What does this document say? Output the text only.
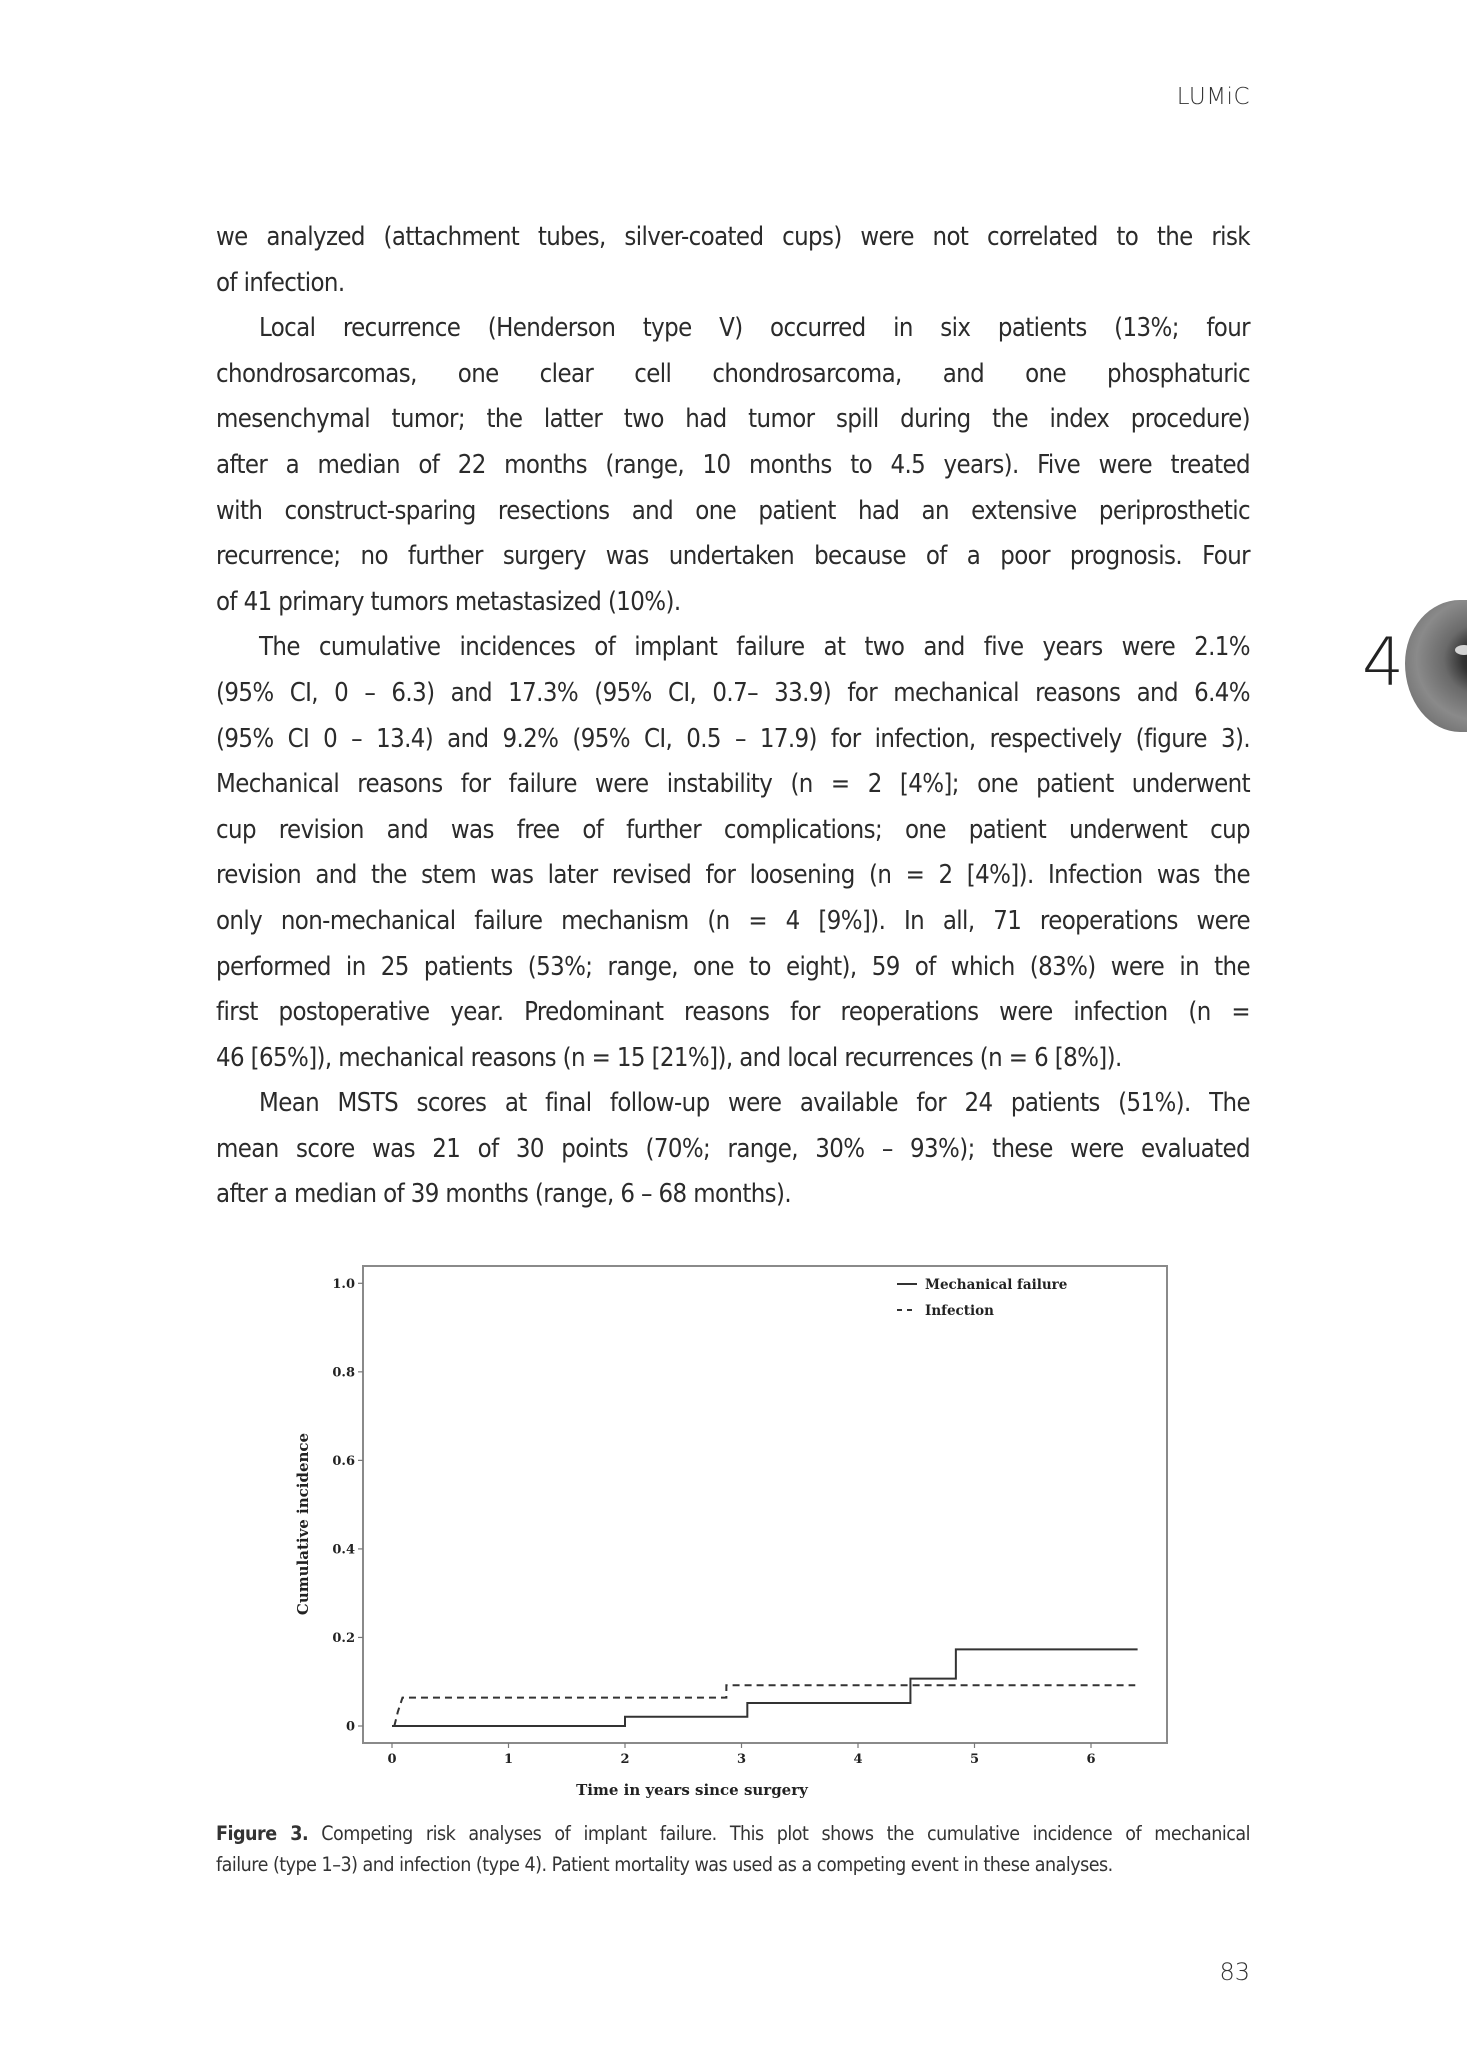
LUMiC
we analyzed (attachment tubes, silver-coated cups) were not correlated to the risk
of infection.
Local recurrence (Henderson type V) occurred in six patients (13%; four
chondrosarcomas, one clear cell chondrosarcoma, and one phosphaturic
mesenchymal tumor; the latter two had tumor spill during the index procedure)
after a median of 22 months (range, 10 months to 4.5 years). Five were treated
with construct-sparing resections and one patient had an extensive periprosthetic
recurrence; no further surgery was undertaken because of a poor prognosis. Four
of 41 primary tumors metastasized (10%).
The cumulative incidences of implant failure at two and five years were 2.1%
(95% CI, 0 – 6.3) and 17.3% (95% CI, 0.7– 33.9) for mechanical reasons and 6.4%
(95% CI 0 – 13.4) and 9.2% (95% CI, 0.5 – 17.9) for infection, respectively (figure 3).
Mechanical reasons for failure were instability (n = 2 [4%]; one patient underwent
cup revision and was free of further complications; one patient underwent cup
revision and the stem was later revised for loosening (n = 2 [4%]). Infection was the
only non-mechanical failure mechanism (n = 4 [9%]). In all, 71 reoperations were
performed in 25 patients (53%; range, one to eight), 59 of which (83%) were in the
first postoperative year. Predominant reasons for reoperations were infection (n =
46 [65%]), mechanical reasons (n = 15 [21%]), and local recurrences (n = 6 [8%]).
Mean MSTS scores at final follow-up were available for 24 patients (51%). The
mean score was 21 of 30 points (70%; range, 30% – 93%); these were evaluated
after a median of 39 months (range, 6 – 68 months).
4
0
0.2
0.4
0.6
0.8
1.0
0	1	2	3	4	5	6
Mechanical failure
Infection
Time in years since surgery
Cumulative incidence
Figure 3. Competing risk analyses of implant failure. This plot shows the cumulative incidence of mechanical
failure (type 1–3) and infection (type 4). Patient mortality was used as a competing event in these analyses.
83
